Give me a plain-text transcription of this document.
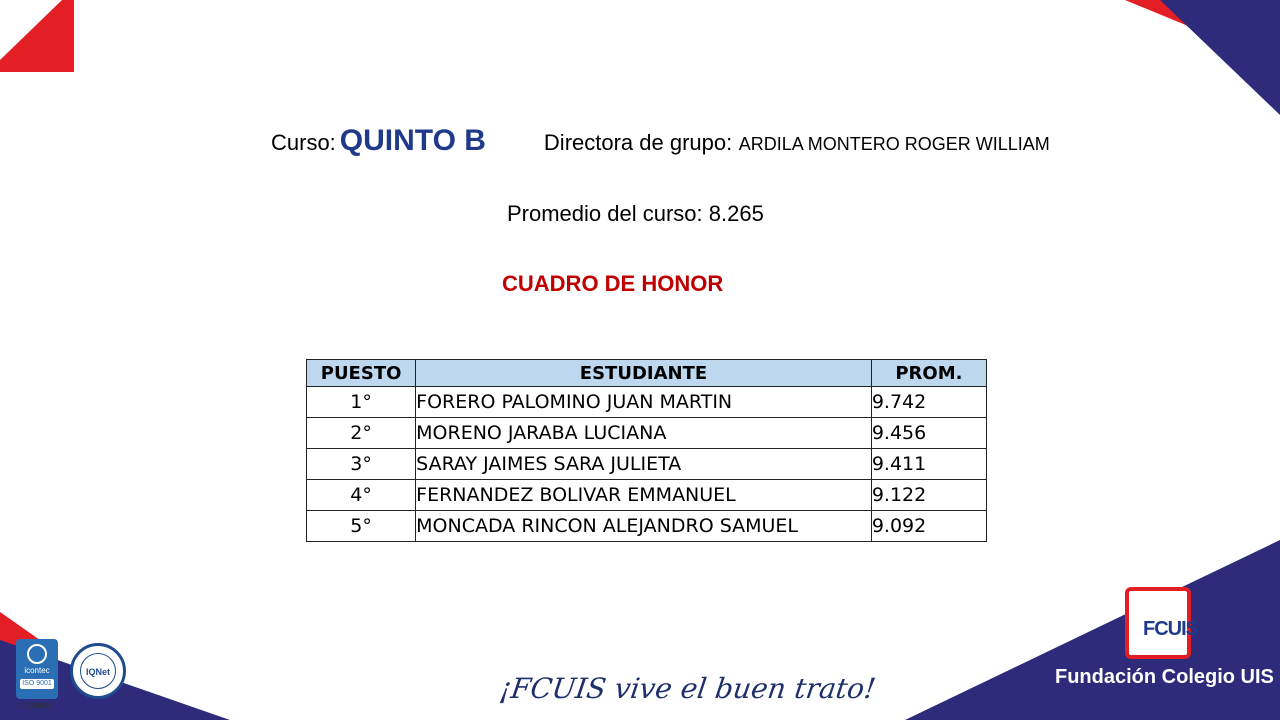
Curso: QUINTO B	Directora de grupo: ARDILA MONTERO ROGER WILLIAM
Promedio del curso: 8.265
CUADRO DE HONOR
PUESTO	ESTUDIANTE	PROM.
1°	FORERO PALOMINO JUAN MARTIN	9.742
2°	MORENO JARABA LUCIANA	9.456
3°	SARAY JAIMES SARA JULIETA	9.411
4°	FERNANDEZ BOLIVAR EMMANUEL	9.122
5°	MONCADA RINCON ALEJANDRO SAMUEL	9.092
icontec
ISO 9001
SC 53883-1
IQNet	¡FCUIS vive el buen trato!
FCUIS
Fundación Colegio UIS
